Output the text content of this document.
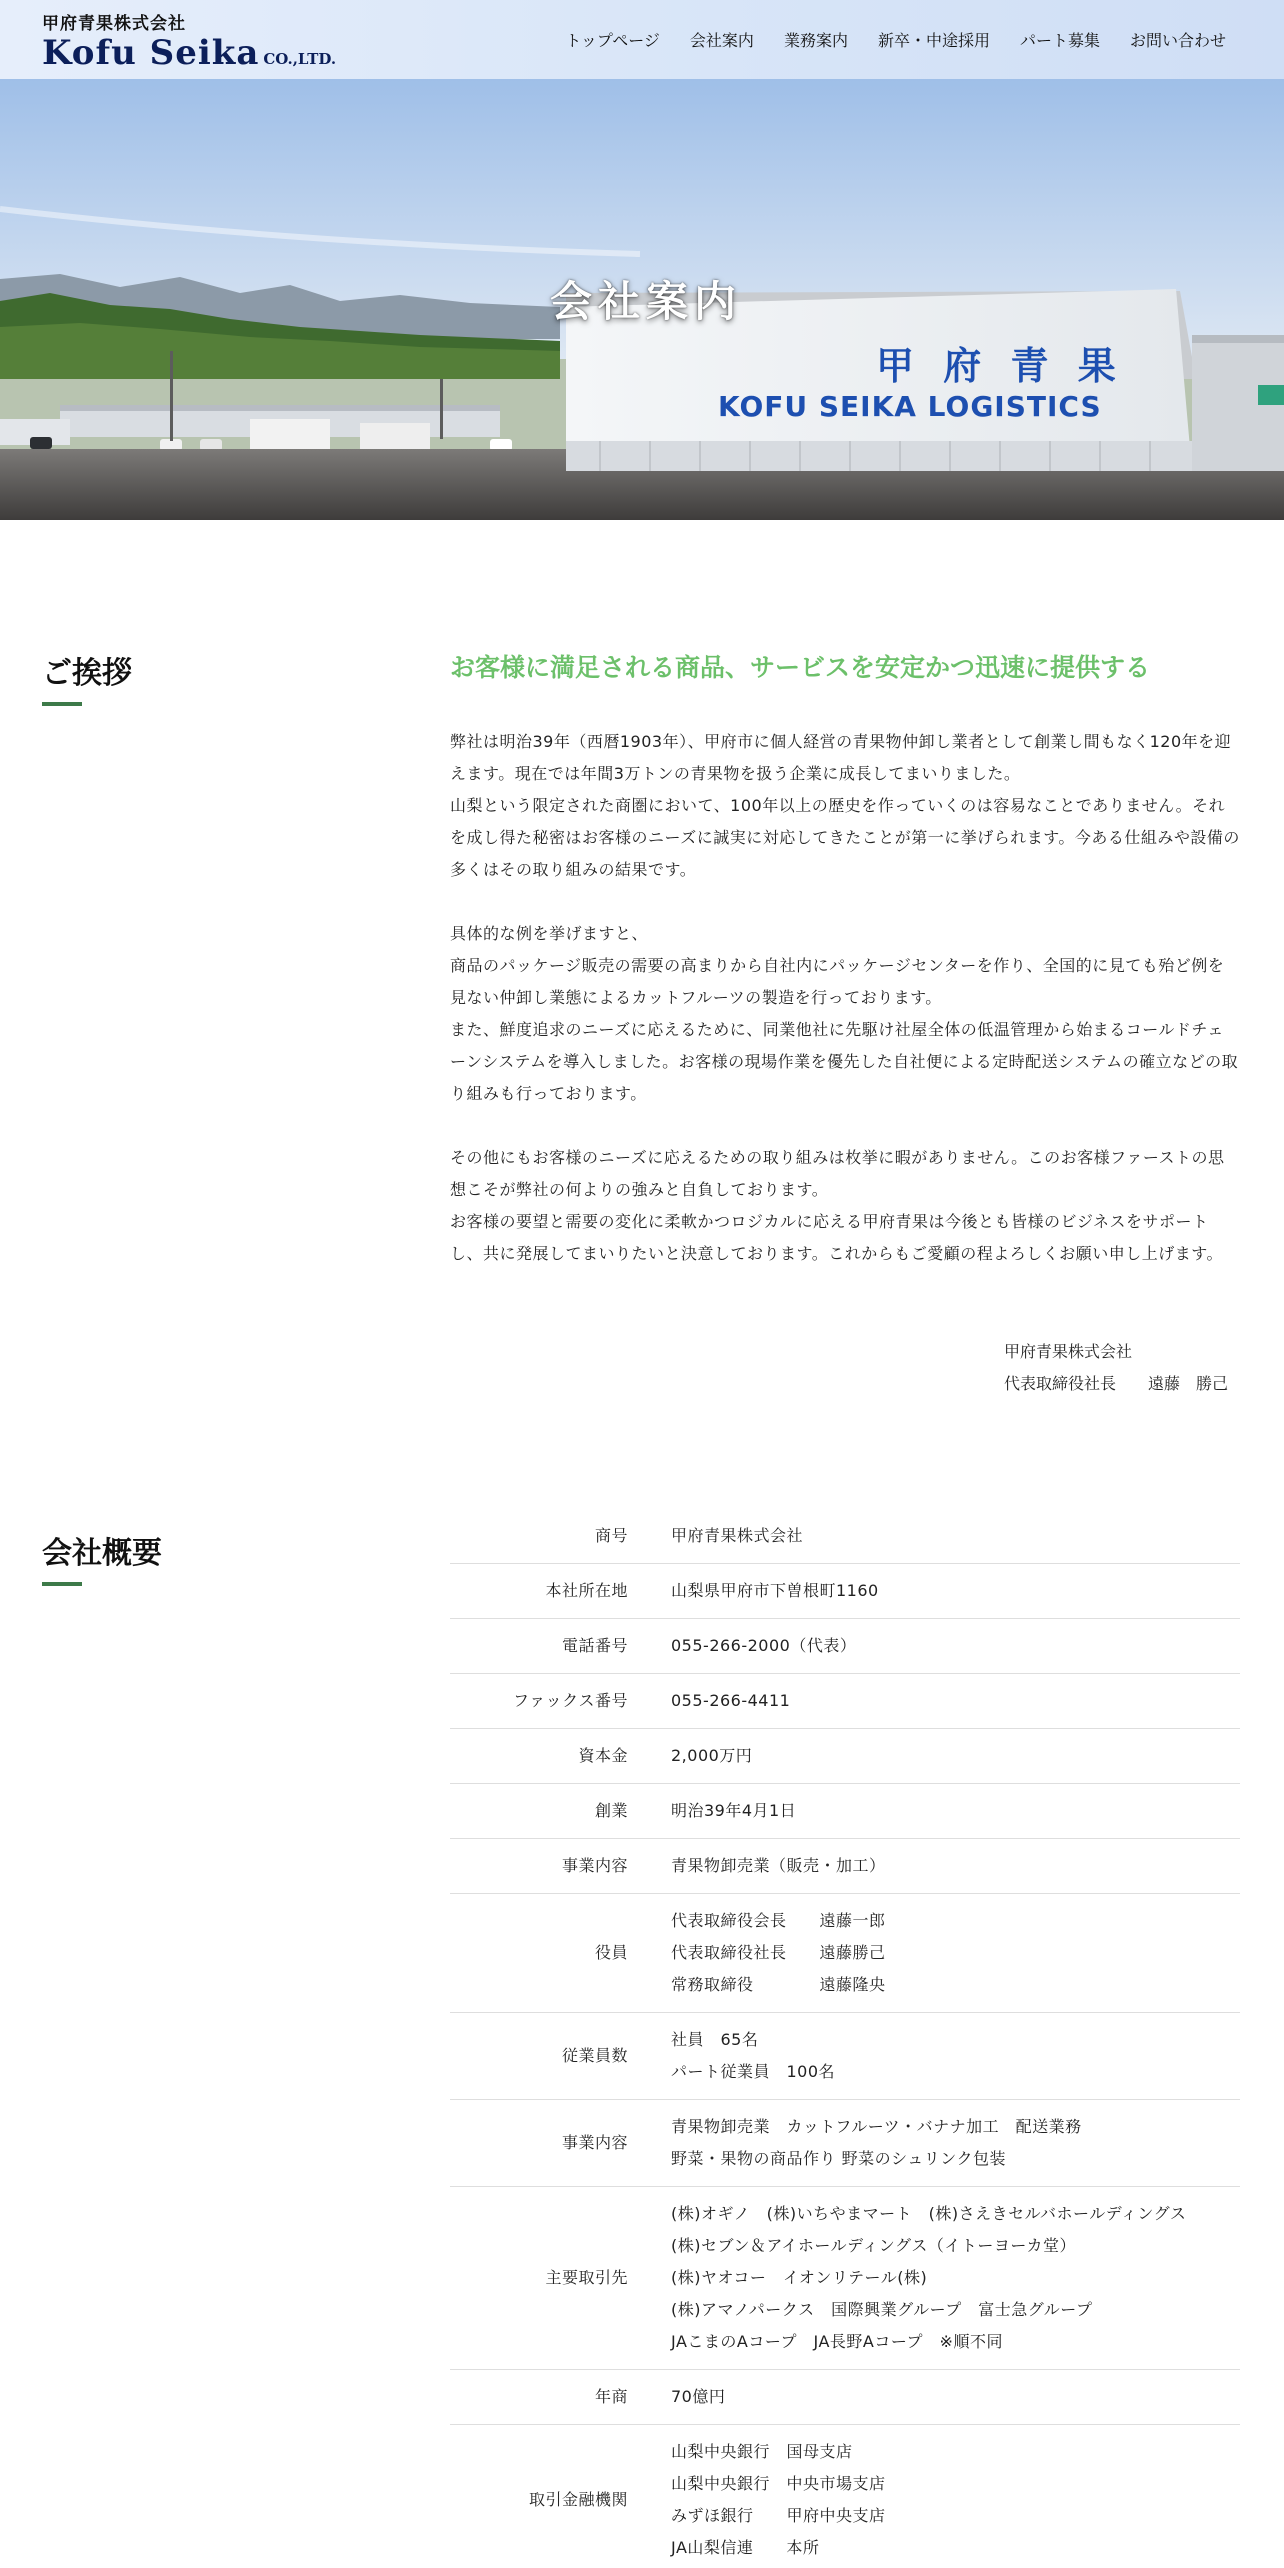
甲府青果株式会社
Kofu Seika CO.,LTD.
トップページ 会社案内 業務案内 新卒・中途採用 パート募集 お問い合わせ
甲 府 青 果
KOFU SEIKA LOGISTICS
会社案内
ご挨拶	お客様に満足される商品、サービスを安定かつ迅速に提供する

弊社は明治39年（西暦1903年）、甲府市に個人経営の青果物仲卸し業者として創業し間もなく120年を迎えます。現在では年間3万トンの青果物を扱う企業に成長してまいりました。

山梨という限定された商圏において、100年以上の歴史を作っていくのは容易なことでありません。それを成し得た秘密はお客様のニーズに誠実に対応してきたことが第一に挙げられます。今ある仕組みや設備の多くはその取り組みの結果です。

具体的な例を挙げますと、

商品のパッケージ販売の需要の高まりから自社内にパッケージセンターを作り、全国的に見ても殆ど例を見ない仲卸し業態によるカットフルーツの製造を行っております。

また、鮮度追求のニーズに応えるために、同業他社に先駆け社屋全体の低温管理から始まるコールドチェーンシステムを導入しました。お客様の現場作業を優先した自社便による定時配送システムの確立などの取り組みも行っております。

その他にもお客様のニーズに応えるための取り組みは枚挙に暇がありません。このお客様ファーストの思想こそが弊社の何よりの強みと自負しております。

お客様の要望と需要の変化に柔軟かつロジカルに応える甲府青果は今後とも皆様のビジネスをサポートし、共に発展してまいりたいと決意しております。これからもご愛顧の程よろしくお願い申し上げます。

甲府青果株式会社
代表取締役社長　　遠藤　勝己
会社概要
商号	甲府青果株式会社

本社所在地	山梨県甲府市下曽根町1160

電話番号	055-266-2000（代表）

ファックス番号	055-266-4411

資本金	2,000万円

創業	明治39年4月1日

事業内容	青果物卸売業（販売・加工）

役員	代表取締役会長　　遠藤一郎
代表取締役社長　　遠藤勝己
常務取締役　　　　遠藤隆央

従業員数	社員　65名
パート従業員　100名

事業内容	青果物卸売業　カットフルーツ・バナナ加工　配送業務
野菜・果物の商品作り 野菜のシュリンク包装

主要取引先	(株)オギノ　(株)いちやまマート　(株)さえきセルバホールディングス
(株)セブン＆アイホールディングス（イトーヨーカ堂）
(株)ヤオコー　イオンリテール(株)
(株)アマノパークス　国際興業グループ　富士急グループ
JAこまのAコープ　JA長野Aコープ　※順不同

年商	70億円

取引金融機関	山梨中央銀行　国母支店
山梨中央銀行　中央市場支店
みずほ銀行　　甲府中央支店
JA山梨信連　　本所
